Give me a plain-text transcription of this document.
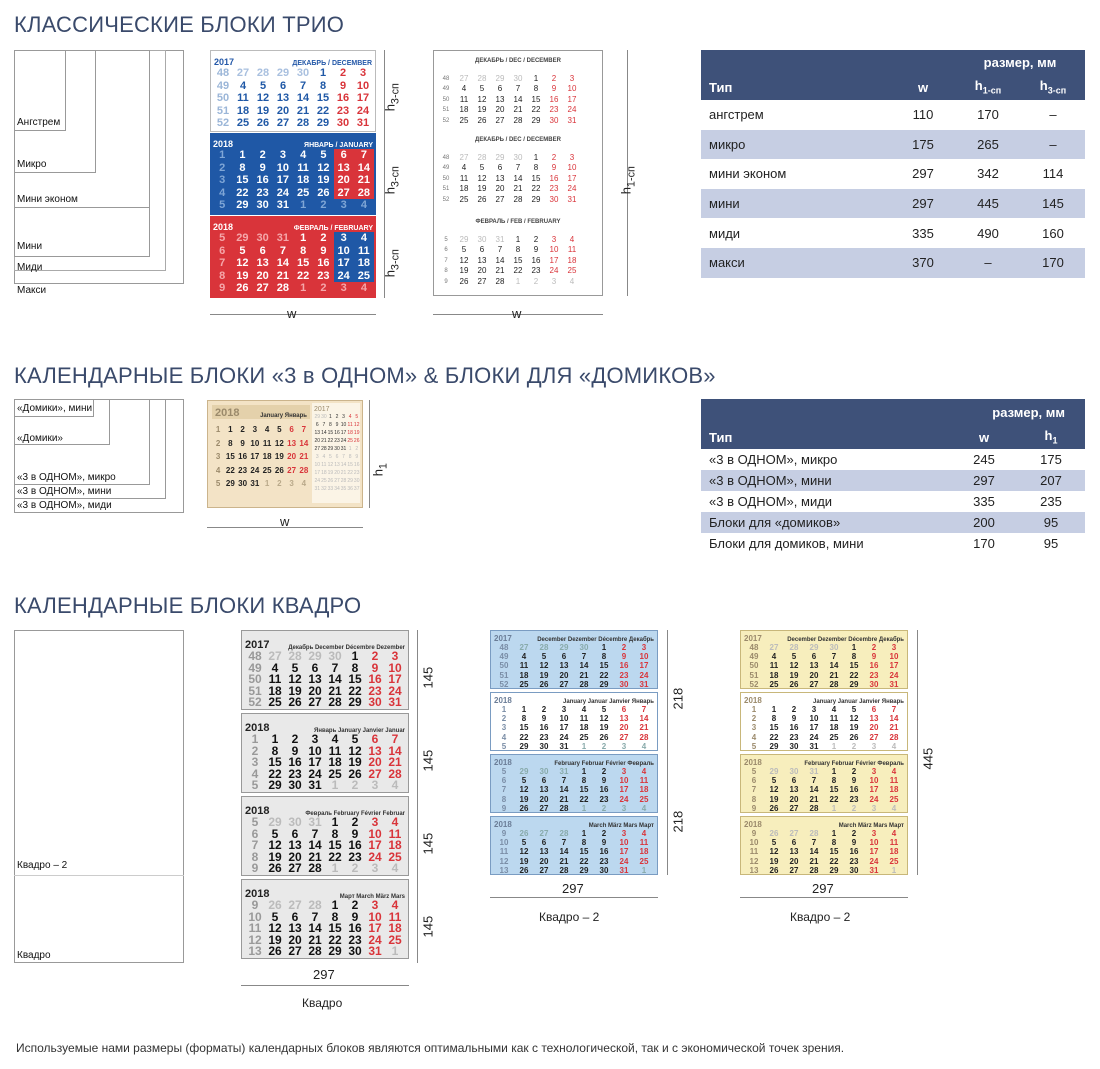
КЛАССИЧЕСКИЕ БЛОКИ ТРИО
Ангстрем
Микро
Мини эконом
Мини
Миди
Макси
2017	ДЕКАБРЬ / DECEMBER
48 27 28 29 30 1	2	3
49 4	5	6	7	8	9 10
50 11 12 13 14 15 16 17
51 18 19 20 21 22 23 24
52 25 26 27 28 29 30 31
2018	ЯНВАРЬ / JANUARY
1	1	2	3	4	5	6	7
2	8	9	10 11 12 13 14
3	15 16 17 18 19 20 21
4	22 23 24 25 26 27 28
5	29 30 31	1	2	3	4
2018	ФЕВРАЛЬ / FEBRUARY
5	29 30 31	1	2	3	4
6	5	6	7	8	9	10 11
7	12 13 14 15 16 17 18
8	19 20 21 22 23 24 25
9	26 27 28	1	2	3	4
$h_{3-сп}$
$h_{3-сп}$
$h_{3-сп}$
w
ДЕКАБРЬ / DEC / DECEMBER
48	27	28	29	30	1	2	3
49	4	5	6	7	8	9	10
50	11	12	13	14	15	16	17
51	18	19	20	21	22	23	24
52	25	26	27	28	29	30	31
ДЕКАБРЬ / DEC / DECEMBER
48	27	28	29	30	1	2	3
49	4	5	6	7	8	9	10
50	11	12	13	14	15	16	17
51	18	19	20	21	22	23	24
52	25	26	27	28	29	30	31
ФЕВРАЛЬ / FEB / FEBRUARY
5	29	30	31	1	2	3	4
6	5	6	7	8	9	10	11
7	12	13	14	15	16	17	18
8	19	20	21	22	23	24	25
9	26	27	28	1	2	3	4
$h_{1-сп}$
w
		размер, мм	
Тип	w	$h_{1-сп}$	$h_{3-сп}$
ангстрем	110	170	–
микро	175	265	–
мини эконом	297	342	114
мини	297	445	145
миди	335	490	160
макси	370	–	170
КАЛЕНДАРНЫЕ БЛОКИ «3 в ОДНОМ» & БЛОКИ ДЛЯ «ДОМИКОВ»
«Домики», мини
«Домики»
«3 в ОДНОМ», микро
«3 в ОДНОМ», мини
«3 в ОДНОМ», миди
2018	January Январь
1 1 2 3 4 5 6 7
2 8 9 10 11 12 13 14
3 15 16 17 18 19 20 21
4 22 23 24 25 26 27 28
5 29 30 31 1 2 3 4
2017
29 30 1 2 3 4 5
6 7 8 9 10 11 12
13 14 15 16 17 18 19
20 21 22 23 24 25 26
27 28 29 30 31 1 2
3 4 5 6 7 8 9
10 11 12 13 14 15 16
17 18 19 20 21 22 23
24 25 26 27 28 29 30
31 32 33 34 35 36 37
$h_1$
w
	размер, мм	
Тип	w	$h_1$
«3 в ОДНОМ», микро	245	175
«3 в ОДНОМ», мини	297	207
«3 в ОДНОМ», миди	335	235
Блоки для «домиков»	200	95
Блоки для домиков, мини	170	95
КАЛЕНДАРНЫЕ БЛОКИ КВАДРО
Квадро – 2
Квадро
2017	Декабрь December Décembre Dezember
48 27 28 29 30 1	2	3
49 4	5	6	7	8	9 10
50 11 12 13 14 15 16 17
51 18 19 20 21 22 23 24
52 25 26 27 28 29 30 31
2018	Январь January Janvier Januar
1	1	2	3	4	5	6	7
2	8	9 10 11 12 13 14
3 15 16 17 18 19 20 21
4 22 23 24 25 26 27 28
5 29 30 31 1	2	3	4
2018	Февраль February Février Februar
5 29 30 31 1	2	3	4
6	5	6	7	8	9 10 11
7 12 13 14 15 16 17 18
8 19 20 21 22 23 24 25
9 26 27 28 1	2	3	4
2018	Март March März Mars
9 26 27 28 1	2	3	4
10 5	6	7	8	9 10 11
11 12 13 14 15 16 17 18
12 19 20 21 22 23 24 25
13 26 27 28 29 30 31 1
145
145
145
145
297
Квадро
2017	December Dezember Décembre Декабрь
48	27	28	29	30	1	2	3
49	4	5	6	7	8	9	10
50	11	12	13	14	15	16	17
51	18	19	20	21	22	23	24
52	25	26	27	28	29	30	31
2018	January Januar Janvier Январь
1	1	2	3	4	5	6	7
2	8	9	10	11	12	13	14
3	15	16	17	18	19	20	21
4	22	23	24	25	26	27	28
5	29	30	31	1	2	3	4
2018	February Februar Février Февраль
5	29	30	31	1	2	3	4
6	5	6	7	8	9	10	11
7	12	13	14	15	16	17	18
8	19	20	21	22	23	24	25
9	26	27	28	1	2	3	4
2018	March März Mars Март
9	26	27	28	1	2	3	4
10	5	6	7	8	9	10	11
11	12	13	14	15	16	17	18
12	19	20	21	22	23	24	25
13	26	27	28	29	30	31	1
218
218
297
Квадро – 2
2017	December Dezember Décembre Декабрь
48	27	28	29	30	1	2	3
49	4	5	6	7	8	9	10
50	11	12	13	14	15	16	17
51	18	19	20	21	22	23	24
52	25	26	27	28	29	30	31
2018	January Januar Janvier Январь
1	1	2	3	4	5	6	7
2	8	9	10	11	12	13	14
3	15	16	17	18	19	20	21
4	22	23	24	25	26	27	28
5	29	30	31	1	2	3	4
2018	February Februar Février Февраль
5	29	30	31	1	2	3	4
6	5	6	7	8	9	10	11
7	12	13	14	15	16	17	18
8	19	20	21	22	23	24	25
9	26	27	28	1	2	3	4
2018	March März Mars Март
9	26	27	28	1	2	3	4
10	5	6	7	8	9	10	11
11	12	13	14	15	16	17	18
12	19	20	21	22	23	24	25
13	26	27	28	29	30	31	1
445
297
Квадро – 2
Используемые нами размеры (форматы) календарных блоков являются оптимальными как с технологической, так и с экономической точек зрения.
